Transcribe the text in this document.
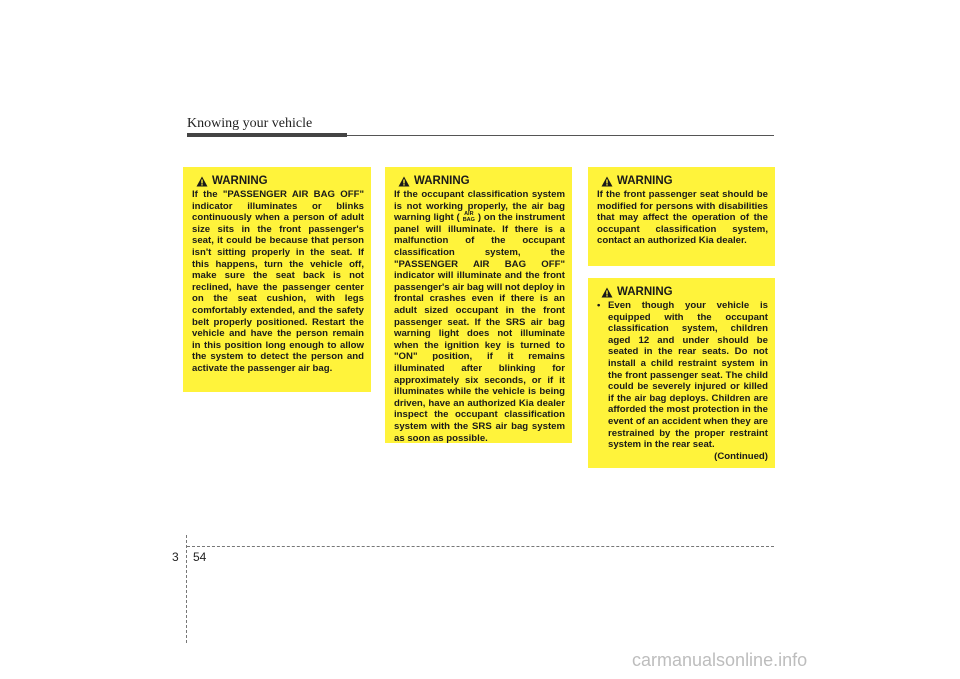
Knowing your vehicle
WARNING
If the "PASSENGER AIR BAG OFF" indicator illuminates or blinks continuously when a person of adult size sits in the front passenger's seat, it could be because that person isn't sitting properly in the seat. If this happens, turn the vehicle off, make sure the seat back is not reclined, have the passenger center on the seat cushion, with legs comfortably extended, and the safety belt properly positioned. Restart the vehicle and have the person remain in this position long enough to allow the system to detect the person and activate the passenger air bag.
WARNING
If the occupant classification system is not working properly, the air bag warning light ( AIR
BAG ) on the instrument panel will illuminate. If there is a malfunction of the occupant classification system, the "PASSENGER AIR BAG OFF" indicator will illuminate and the front passenger's air bag will not deploy in frontal crashes even if there is an adult sized occupant in the front passenger seat. If the SRS air bag warning light does not illuminate when the ignition key is turned to "ON" position, if it remains illuminated after blinking for approximately six seconds, or if it illuminates while the vehicle is being driven, have an authorized Kia dealer inspect the occupant classification system with the SRS air bag system as soon as possible.
WARNING
If the front passenger seat should be modified for persons with disabilities that may affect the operation of the occupant classification system, contact an authorized Kia dealer.
WARNING
• Even though your vehicle is equipped with the occupant classification system, children aged 12 and under should be seated in the rear seats. Do not install a child restraint system in the front passenger seat. The child could be severely injured or killed if the air bag deploys. Children are afforded the most protection in the event of an accident when they are restrained by the proper restraint system in the rear seat.
(Continued)
3 54
carmanualsonline.info
